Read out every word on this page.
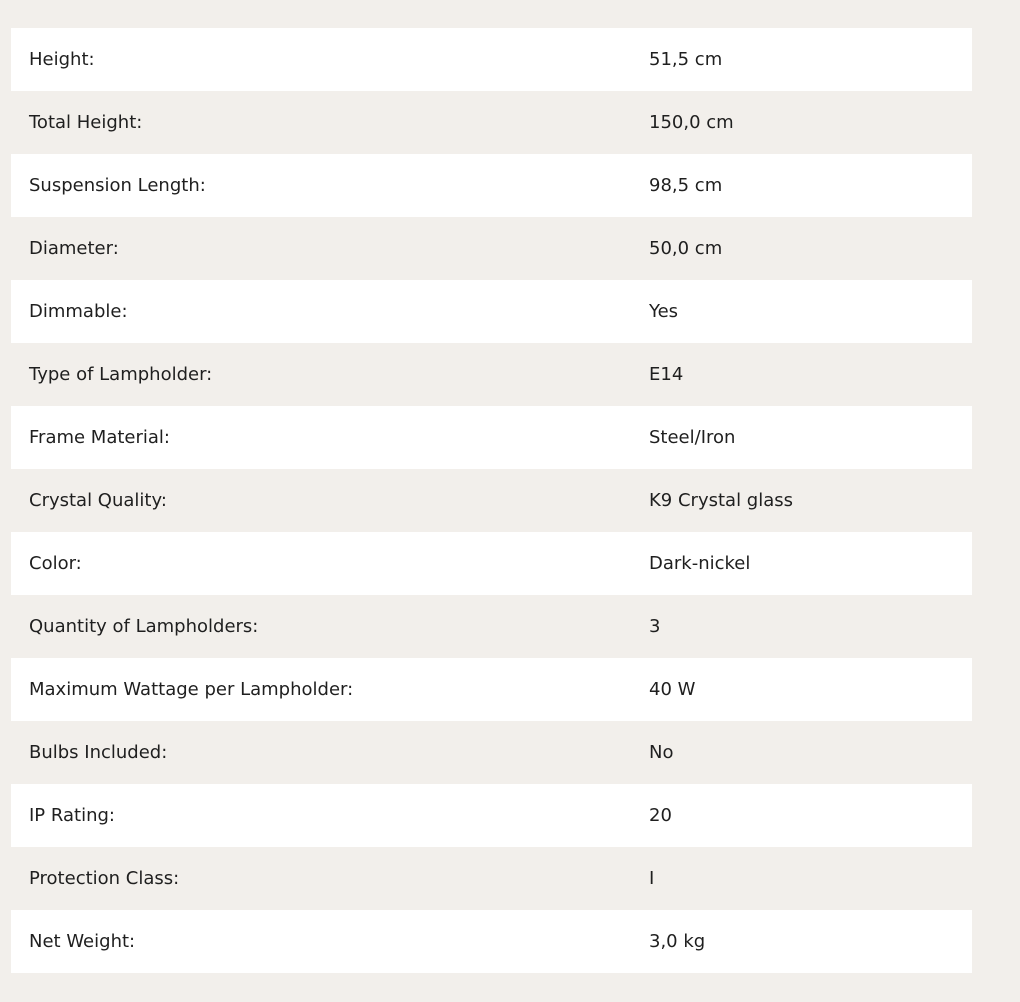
Height:	51,5 cm
Total Height:	150,0 cm
Suspension Length:	98,5 cm
Diameter:	50,0 cm
Dimmable:	Yes
Type of Lampholder:	E14
Frame Material:	Steel/Iron
Crystal Quality:	K9 Crystal glass
Color:	Dark-nickel
Quantity of Lampholders:	3
Maximum Wattage per Lampholder:	40 W
Bulbs Included:	No
IP Rating:	20
Protection Class:	I
Net Weight:	3,0 kg
